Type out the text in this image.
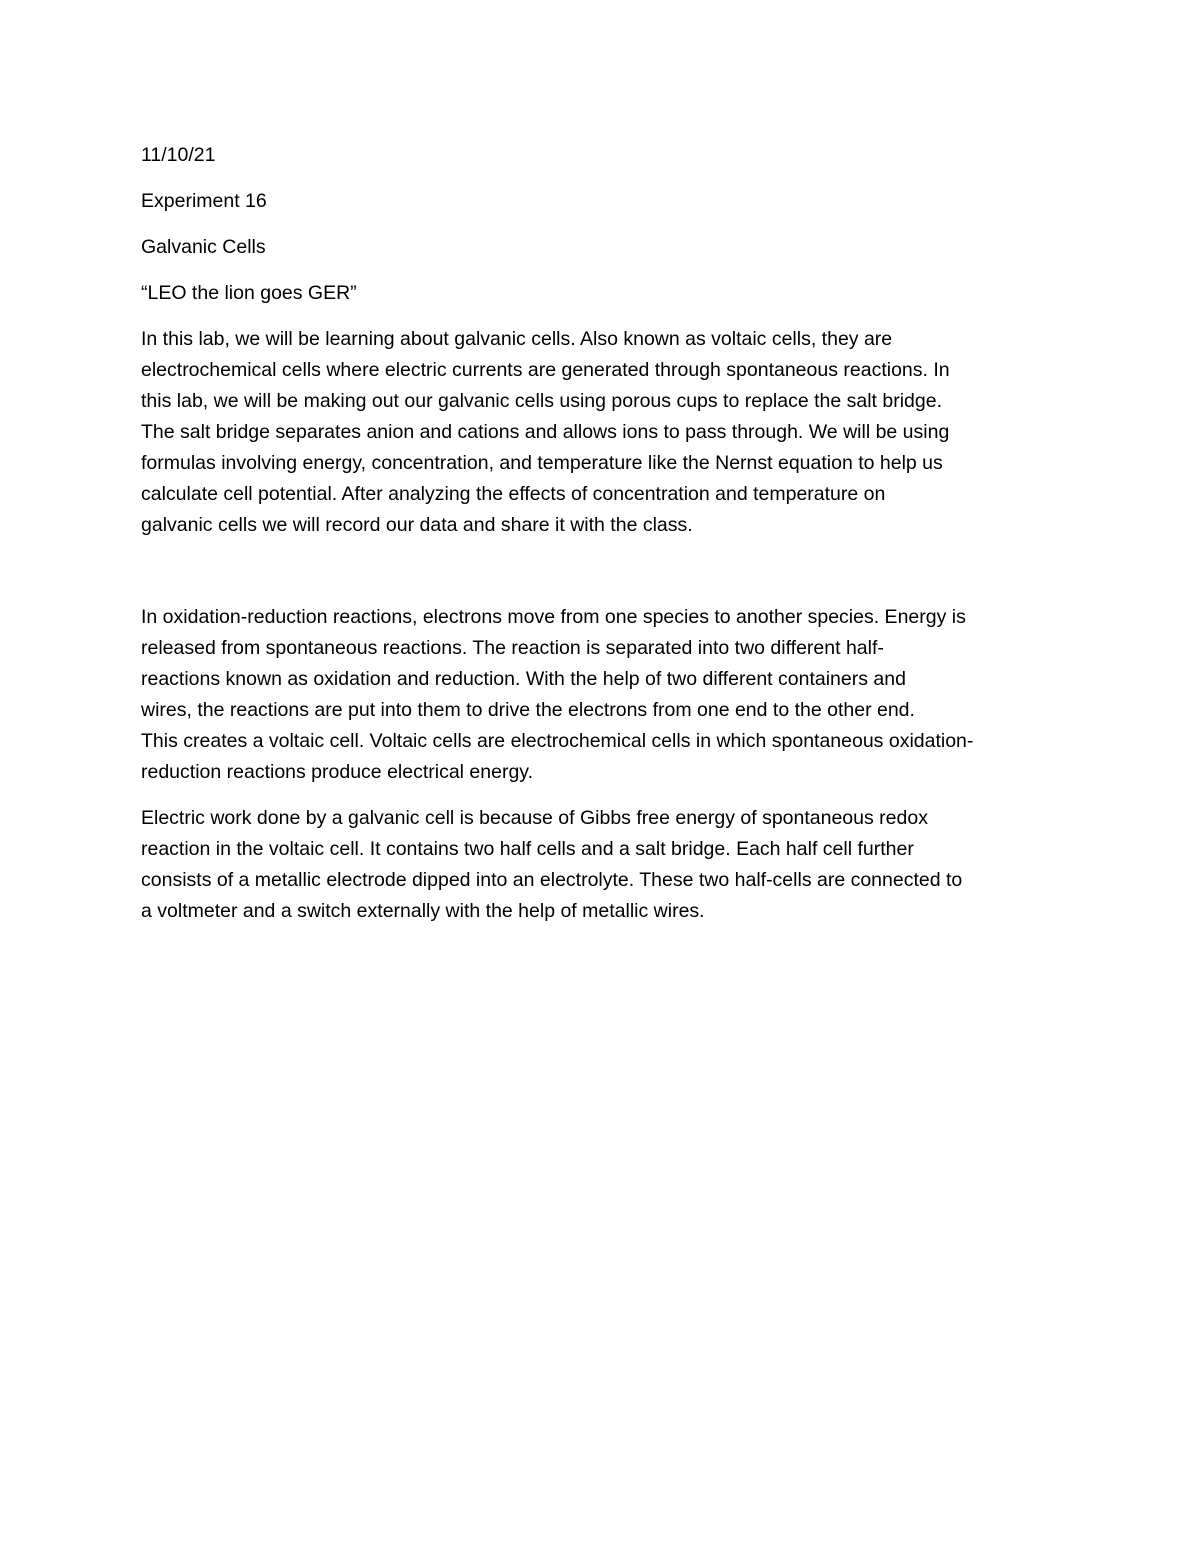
11/10/21
Experiment 16
Galvanic Cells
“LEO the lion goes GER”
In this lab, we will be learning about galvanic cells. Also known as voltaic cells, they are
electrochemical cells where electric currents are generated through spontaneous reactions. In
this lab, we will be making out our galvanic cells using porous cups to replace the salt bridge.
The salt bridge separates anion and cations and allows ions to pass through. We will be using
formulas involving energy, concentration, and temperature like the Nernst equation to help us
calculate cell potential. After analyzing the effects of concentration and temperature on
galvanic cells we will record our data and share it with the class.
In oxidation-reduction reactions, electrons move from one species to another species. Energy is
released from spontaneous reactions. The reaction is separated into two different half-
reactions known as oxidation and reduction. With the help of two different containers and
wires, the reactions are put into them to drive the electrons from one end to the other end.
This creates a voltaic cell. Voltaic cells are electrochemical cells in which spontaneous oxidation-
reduction reactions produce electrical energy.
Electric work done by a galvanic cell is because of Gibbs free energy of spontaneous redox
reaction in the voltaic cell. It contains two half cells and a salt bridge. Each half cell further
consists of a metallic electrode dipped into an electrolyte. These two half-cells are connected to
a voltmeter and a switch externally with the help of metallic wires.
